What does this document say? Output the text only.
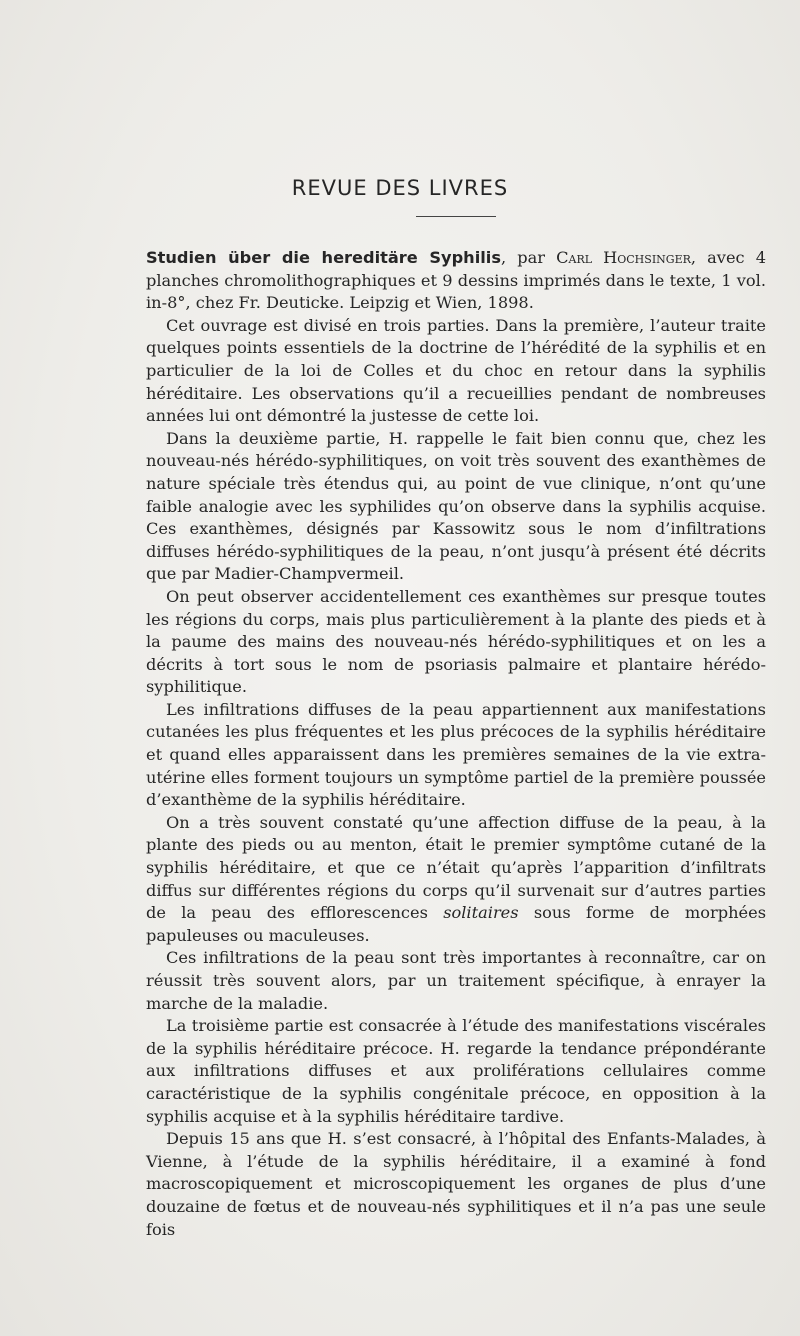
REVUE DES LIVRES

Studien über die hereditäre Syphilis, par Carl Hochsinger, avec 4 planches chromolithographiques et 9 dessins imprimés dans le texte, 1 vol. in-8°, chez Fr. Deuticke. Leipzig et Wien, 1898.

Cet ouvrage est divisé en trois parties. Dans la première, l’auteur traite quelques points essentiels de la doctrine de l’hérédité de la syphilis et en particulier de la loi de Colles et du choc en retour dans la syphilis héréditaire. Les observations qu’il a recueillies pendant de nombreuses années lui ont démontré la justesse de cette loi.

Dans la deuxième partie, H. rappelle le fait bien connu que, chez les nouveau-nés hérédo-syphilitiques, on voit très souvent des exanthèmes de nature spéciale très étendus qui, au point de vue clinique, n’ont qu’une faible analogie avec les syphilides qu’on observe dans la syphilis acquise. Ces exanthèmes, désignés par Kassowitz sous le nom d’infiltrations diffuses hérédo-syphilitiques de la peau, n’ont jusqu’à présent été décrits que par Madier-Champvermeil.

On peut observer accidentellement ces exanthèmes sur presque toutes les régions du corps, mais plus particulièrement à la plante des pieds et à la paume des mains des nouveau-nés hérédo-syphilitiques et on les a décrits à tort sous le nom de psoriasis palmaire et plantaire hérédo-syphilitique.

Les infiltrations diffuses de la peau appartiennent aux manifestations cutanées les plus fréquentes et les plus précoces de la syphilis héréditaire et quand elles apparaissent dans les premières semaines de la vie extra-utérine elles forment toujours un symptôme partiel de la première poussée d’exanthème de la syphilis héréditaire.

On a très souvent constaté qu’une affection diffuse de la peau, à la plante des pieds ou au menton, était le premier symptôme cutané de la syphilis héréditaire, et que ce n’était qu’après l’apparition d’infiltrats diffus sur différentes régions du corps qu’il survenait sur d’autres parties de la peau des efflorescences solitaires sous forme de morphées papuleuses ou maculeuses.

Ces infiltrations de la peau sont très importantes à reconnaître, car on réussit très souvent alors, par un traitement spécifique, à enrayer la marche de la maladie.

La troisième partie est consacrée à l’étude des manifestations viscérales de la syphilis héréditaire précoce. H. regarde la tendance prépondérante aux infiltrations diffuses et aux proliférations cellulaires comme caractéristique de la syphilis congénitale précoce, en opposition à la syphilis acquise et à la syphilis héréditaire tardive.

Depuis 15 ans que H. s’est consacré, à l’hôpital des Enfants-Malades, à Vienne, à l’étude de la syphilis héréditaire, il a examiné à fond macroscopiquement et microscopiquement les organes de plus d’une douzaine de fœtus et de nouveau-nés syphilitiques et il n’a pas une seule fois
